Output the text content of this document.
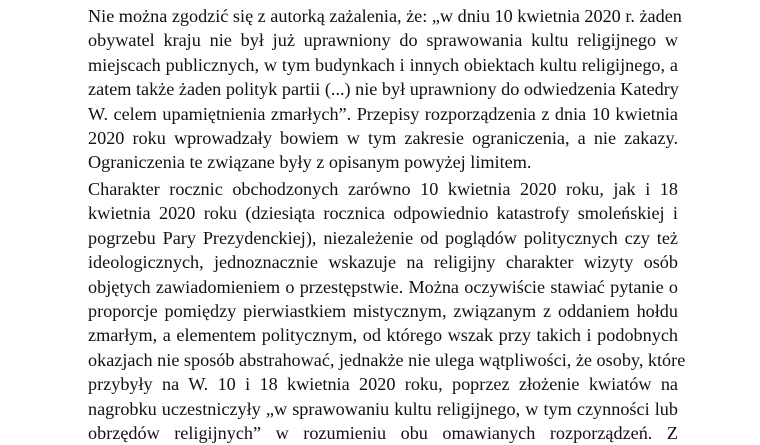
Nie można zgodzić się z autorką zażalenia, że: „w dniu 10 kwietnia 2020 r. żaden
obywatel kraju nie był już uprawniony do sprawowania kultu religijnego w
miejscach publicznych, w tym budynkach i innych obiektach kultu religijnego, a
zatem także żaden polityk partii (...) nie był uprawniony do odwiedzenia Katedry
W. celem upamiętnienia zmarłych”. Przepisy rozporządzenia z dnia 10 kwietnia
2020 roku wprowadzały bowiem w tym zakresie ograniczenia, a nie zakazy.
Ograniczenia te związane były z opisanym powyżej limitem.
Charakter rocznic obchodzonych zarówno 10 kwietnia 2020 roku, jak i 18
kwietnia 2020 roku (dziesiąta rocznica odpowiednio katastrofy smoleńskiej i
pogrzebu Pary Prezydenckiej), niezależenie od poglądów politycznych czy też
ideologicznych, jednoznacznie wskazuje na religijny charakter wizyty osób
objętych zawiadomieniem o przestępstwie. Można oczywiście stawiać pytanie o
proporcje pomiędzy pierwiastkiem mistycznym, związanym z oddaniem hołdu
zmarłym, a elementem politycznym, od którego wszak przy takich i podobnych
okazjach nie sposób abstrahować, jednakże nie ulega wątpliwości, że osoby, które
przybyły na W. 10 i 18 kwietnia 2020 roku, poprzez złożenie kwiatów na
nagrobku uczestniczyły „w sprawowaniu kultu religijnego, w tym czynności lub
obrzędów religijnych” w rozumieniu obu omawianych rozporządzeń. Z
